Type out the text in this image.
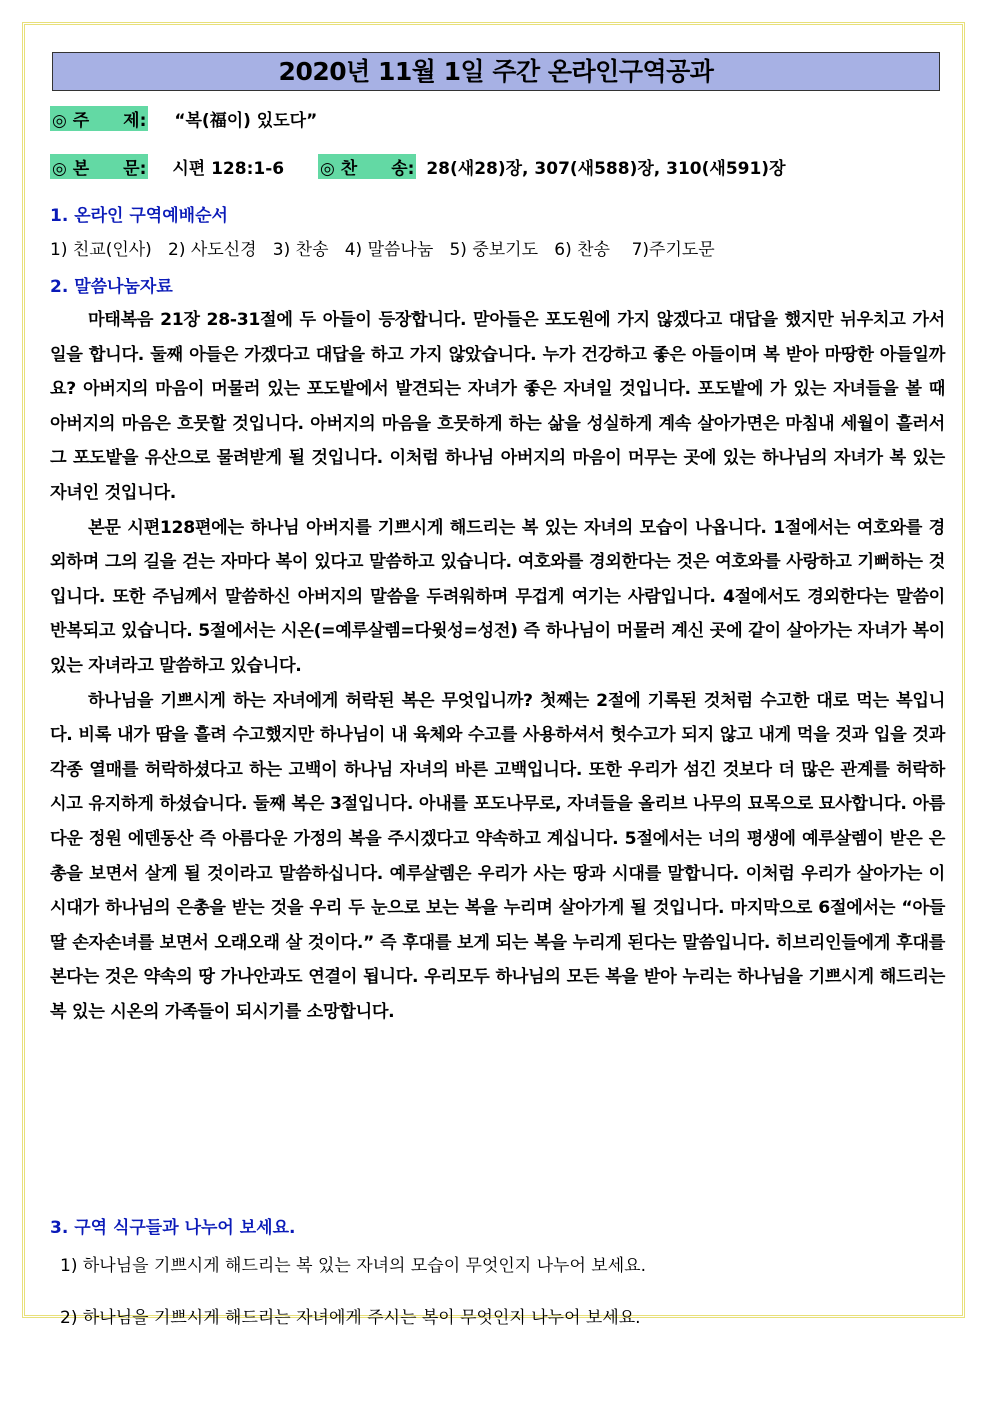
2020년 11월 1일 주간 온라인구역공과
◎ 주　　제: “복(福이) 있도다”
◎ 본　　문: 시편 128:1-6 ◎ 찬　　송: 28(새28)장, 307(새588)장, 310(새591)장
1. 온라인 구역예배순서
1) 친교(인사) 2) 사도신경 3) 찬송 4) 말씀나눔 5) 중보기도 6) 찬송 7)주기도문
2. 말씀나눔자료

마태복음 21장 28-31절에 두 아들이 등장합니다. 맏아들은 포도원에 가지 않겠다고 대답을 했지만 뉘우치고 가서 일을 합니다. 둘째 아들은 가겠다고 대답을 하고 가지 않았습니다. 누가 건강하고 좋은 아들이며 복 받아 마땅한 아들일까요? 아버지의 마음이 머물러 있는 포도밭에서 발견되는 자녀가 좋은 자녀일 것입니다. 포도밭에 가 있는 자녀들을 볼 때 아버지의 마음은 흐뭇할 것입니다. 아버지의 마음을 흐뭇하게 하는 삶을 성실하게 계속 살아가면은 마침내 세월이 흘러서 그 포도밭을 유산으로 물려받게 될 것입니다. 이처럼 하나님 아버지의 마음이 머무는 곳에 있는 하나님의 자녀가 복 있는 자녀인 것입니다.

본문 시편128편에는 하나님 아버지를 기쁘시게 해드리는 복 있는 자녀의 모습이 나옵니다. 1절에서는 여호와를 경외하며 그의 길을 걷는 자마다 복이 있다고 말씀하고 있습니다. 여호와를 경외한다는 것은 여호와를 사랑하고 기뻐하는 것입니다. 또한 주님께서 말씀하신 아버지의 말씀을 두려워하며 무겁게 여기는 사람입니다. 4절에서도 경외한다는 말씀이 반복되고 있습니다. 5절에서는 시온(=예루살렘=다윗성=성전) 즉 하나님이 머물러 계신 곳에 같이 살아가는 자녀가 복이 있는 자녀라고 말씀하고 있습니다.

하나님을 기쁘시게 하는 자녀에게 허락된 복은 무엇입니까? 첫째는 2절에 기록된 것처럼 수고한 대로 먹는 복입니다. 비록 내가 땀을 흘려 수고했지만 하나님이 내 육체와 수고를 사용하셔서 헛수고가 되지 않고 내게 먹을 것과 입을 것과 각종 열매를 허락하셨다고 하는 고백이 하나님 자녀의 바른 고백입니다. 또한 우리가 섬긴 것보다 더 많은 관계를 허락하시고 유지하게 하셨습니다. 둘째 복은 3절입니다. 아내를 포도나무로, 자녀들을 올리브 나무의 묘목으로 묘사합니다. 아름다운 정원 에덴동산 즉 아름다운 가정의 복을 주시겠다고 약속하고 계십니다. 5절에서는 너의 평생에 예루살렘이 받은 은총을 보면서 살게 될 것이라고 말씀하십니다. 예루살렘은 우리가 사는 땅과 시대를 말합니다. 이처럼 우리가 살아가는 이 시대가 하나님의 은총을 받는 것을 우리 두 눈으로 보는 복을 누리며 살아가게 될 것입니다. 마지막으로 6절에서는 “아들딸 손자손녀를 보면서 오래오래 살 것이다.” 즉 후대를 보게 되는 복을 누리게 된다는 말씀입니다. 히브리인들에게 후대를 본다는 것은 약속의 땅 가나안과도 연결이 됩니다. 우리모두 하나님의 모든 복을 받아 누리는 하나님을 기쁘시게 해드리는 복 있는 시온의 가족들이 되시기를 소망합니다.

3. 구역 식구들과 나누어 보세요.
1) 하나님을 기쁘시게 해드리는 복 있는 자녀의 모습이 무엇인지 나누어 보세요.
2) 하나님을 기쁘시게 해드리는 자녀에게 주시는 복이 무엇인지 나누어 보세요.
